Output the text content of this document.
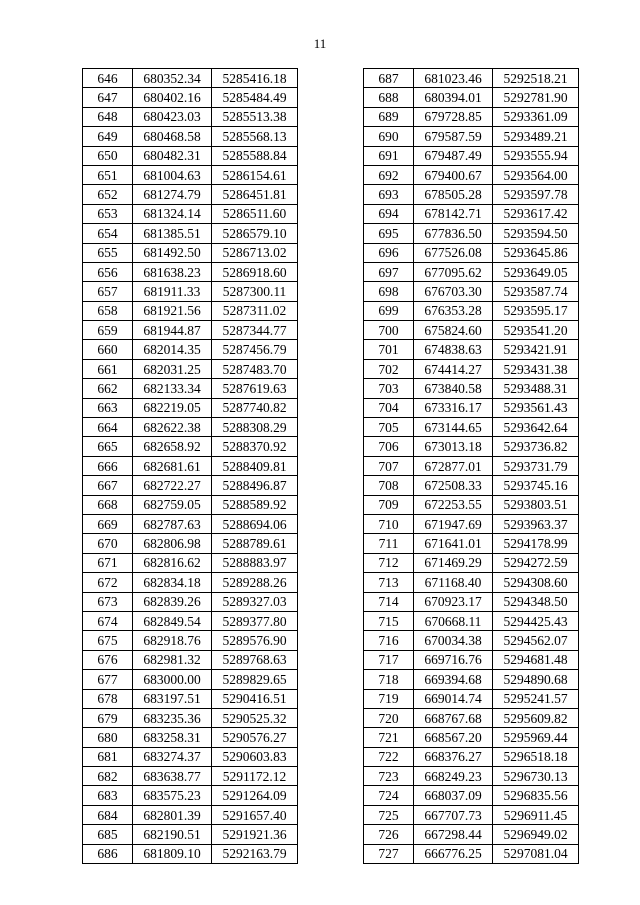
11
646	680352.34	5285416.18
647	680402.16	5285484.49
648	680423.03	5285513.38
649	680468.58	5285568.13
650	680482.31	5285588.84
651	681004.63	5286154.61
652	681274.79	5286451.81
653	681324.14	5286511.60
654	681385.51	5286579.10
655	681492.50	5286713.02
656	681638.23	5286918.60
657	681911.33	5287300.11
658	681921.56	5287311.02
659	681944.87	5287344.77
660	682014.35	5287456.79
661	682031.25	5287483.70
662	682133.34	5287619.63
663	682219.05	5287740.82
664	682622.38	5288308.29
665	682658.92	5288370.92
666	682681.61	5288409.81
667	682722.27	5288496.87
668	682759.05	5288589.92
669	682787.63	5288694.06
670	682806.98	5288789.61
671	682816.62	5288883.97
672	682834.18	5289288.26
673	682839.26	5289327.03
674	682849.54	5289377.80
675	682918.76	5289576.90
676	682981.32	5289768.63
677	683000.00	5289829.65
678	683197.51	5290416.51
679	683235.36	5290525.32
680	683258.31	5290576.27
681	683274.37	5290603.83
682	683638.77	5291172.12
683	683575.23	5291264.09
684	682801.39	5291657.40
685	682190.51	5291921.36
686	681809.10	5292163.79
687	681023.46	5292518.21
688	680394.01	5292781.90
689	679728.85	5293361.09
690	679587.59	5293489.21
691	679487.49	5293555.94
692	679400.67	5293564.00
693	678505.28	5293597.78
694	678142.71	5293617.42
695	677836.50	5293594.50
696	677526.08	5293645.86
697	677095.62	5293649.05
698	676703.30	5293587.74
699	676353.28	5293595.17
700	675824.60	5293541.20
701	674838.63	5293421.91
702	674414.27	5293431.38
703	673840.58	5293488.31
704	673316.17	5293561.43
705	673144.65	5293642.64
706	673013.18	5293736.82
707	672877.01	5293731.79
708	672508.33	5293745.16
709	672253.55	5293803.51
710	671947.69	5293963.37
711	671641.01	5294178.99
712	671469.29	5294272.59
713	671168.40	5294308.60
714	670923.17	5294348.50
715	670668.11	5294425.43
716	670034.38	5294562.07
717	669716.76	5294681.48
718	669394.68	5294890.68
719	669014.74	5295241.57
720	668767.68	5295609.82
721	668567.20	5295969.44
722	668376.27	5296518.18
723	668249.23	5296730.13
724	668037.09	5296835.56
725	667707.73	5296911.45
726	667298.44	5296949.02
727	666776.25	5297081.04
